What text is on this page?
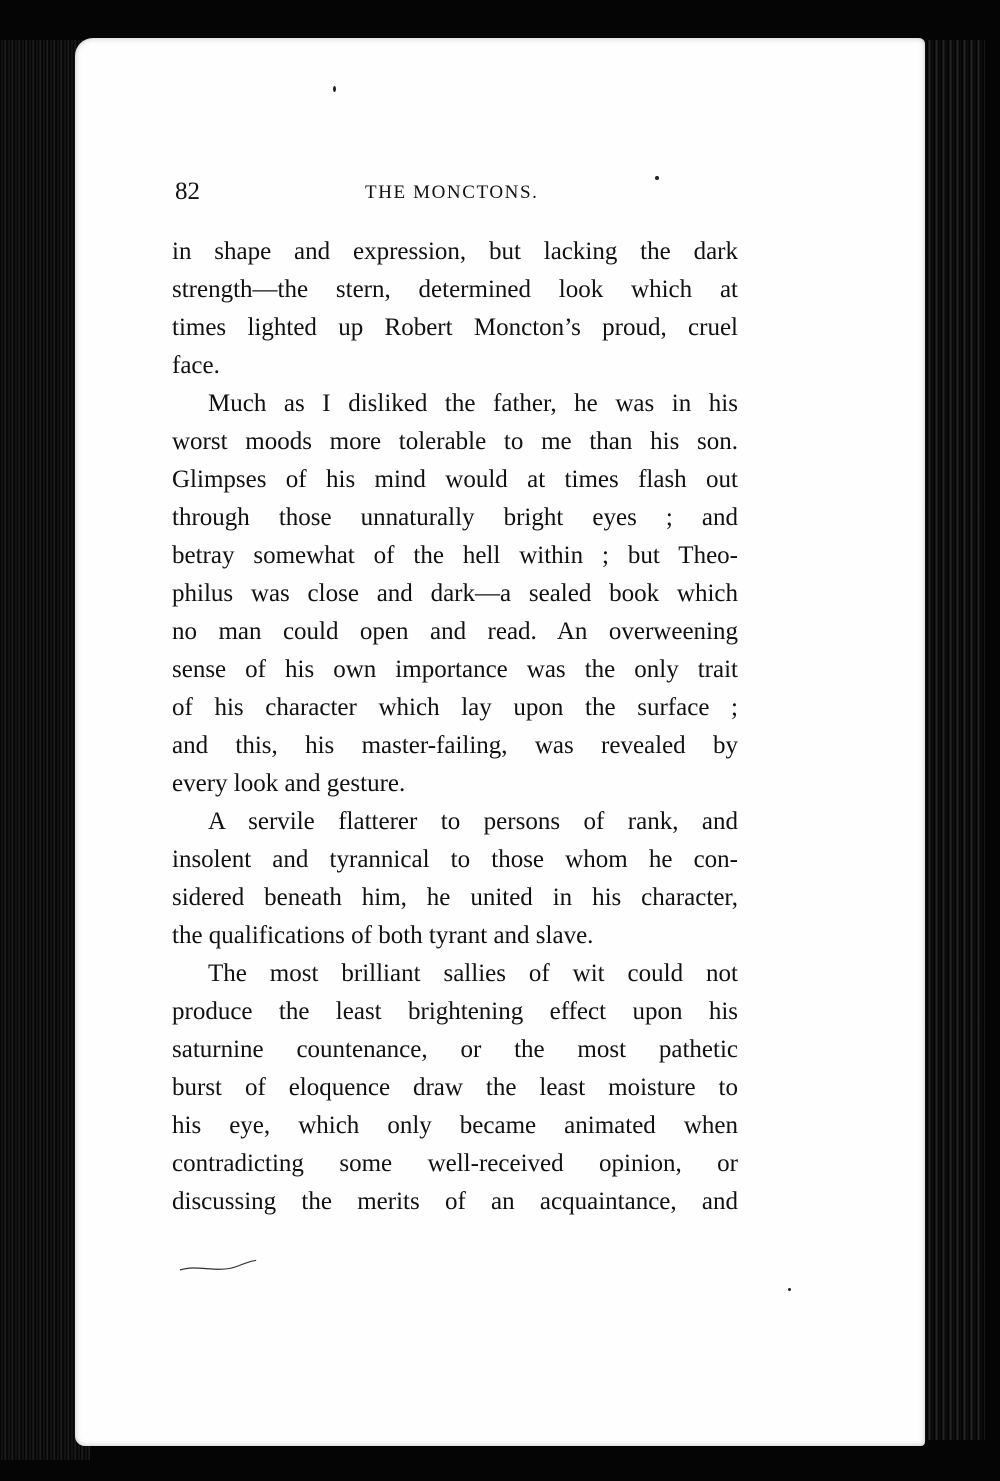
82	THE MONCTONS.

in shape and expression, but lacking the dark
strength—the stern, determined look which at
times lighted up Robert Moncton’s proud, cruel
face.

Much as I disliked the father, he was in his
worst moods more tolerable to me than his son.
Glimpses of his mind would at times flash out
through those unnaturally bright eyes ; and
betray somewhat of the hell within ; but Theo-
philus was close and dark—a sealed book which
no man could open and read. An overweening
sense of his own importance was the only trait
of his character which lay upon the surface ;
and this, his master-failing, was revealed by
every look and gesture.

A servile flatterer to persons of rank, and
insolent and tyrannical to those whom he con-
sidered beneath him, he united in his character,
the qualifications of both tyrant and slave.

The most brilliant sallies of wit could not
produce the least brightening effect upon his
saturnine countenance, or the most pathetic
burst of eloquence draw the least moisture to
his eye, which only became animated when
contradicting some well-received opinion, or
discussing the merits of an acquaintance, and
